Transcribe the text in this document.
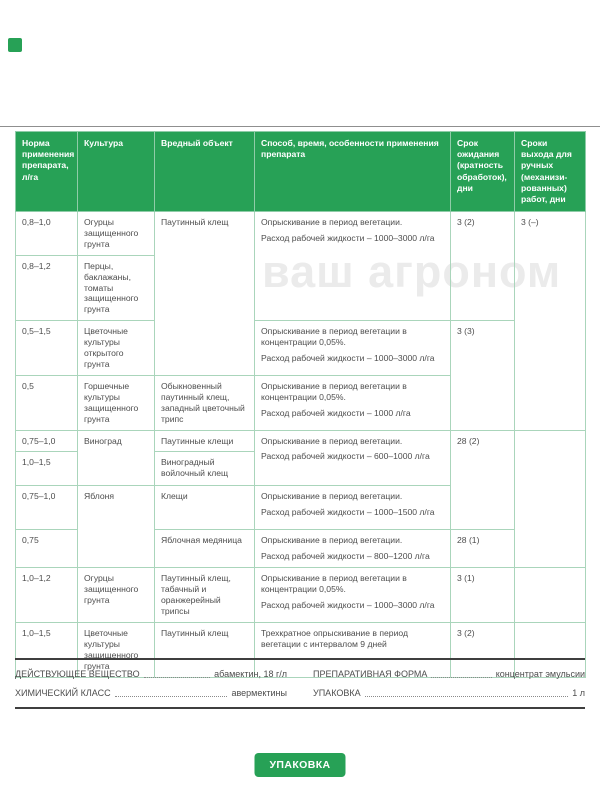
ваш агроном
Норма применения препарата, л/га	Культура	Вредный объект	Способ, время, особенности применения препарата	Срок ожидания (кратность обработок), дни	Сроки выхода для ручных (механизи-рованных) работ, дни

0,8–1,0	Огурцы защищенного грунта	Паутинный клещ	Опрыскивание в период вегетации.

Расход рабочей жидкости – 1000–3000 л/га	3 (2)	3 (–)

0,8–1,2	Перцы, баклажаны, томаты защищенного грунта				

0,5–1,5	Цветочные культуры открытого грунта		Опрыскивание в период вегетации в концентрации 0,05%.

Расход рабочей жидкости – 1000–3000 л/га	3 (3)	

0,5	Горшечные культуры защищенного грунта	Обыкновенный паутинный клещ, западный цветочный трипс	Опрыскивание в период вегетации в концентрации 0,05%.

Расход рабочей жидкости – 1000 л/га		

0,75–1,0	Виноград	Паутинные клещи	Опрыскивание в период вегетации.

Расход рабочей жидкости – 600–1000 л/га	28 (2)	

1,0–1,5		Виноградный войлочный клещ			

0,75–1,0	Яблоня	Клещи	Опрыскивание в период вегетации.

Расход рабочей жидкости – 1000–1500 л/га		

0,75		Яблочная медяница	Опрыскивание в период вегетации.

Расход рабочей жидкости – 800–1200 л/га	28 (1)	

1,0–1,2	Огурцы защищенного грунта	Паутинный клещ, табачный и оранжерейный трипсы	Опрыскивание в период вегетации в концентрации 0,05%.

Расход рабочей жидкости – 1000–3000 л/га	3 (1)	

1,0–1,5	Цветочные культуры защищенного грунта	Паутинный клещ	Трехкратное опрыскивание в период вегетации с интервалом 9 дней	3 (2)	

ДЕЙСТВУЮЩЕЕ ВЕЩЕСТВО	абамектин, 18 г/л
ХИМИЧЕСКИЙ КЛАСС	авермектины
ПРЕПАРАТИВНАЯ ФОРМА	концентрат эмульсии
УПАКОВКА	1 л
УПАКОВКА
